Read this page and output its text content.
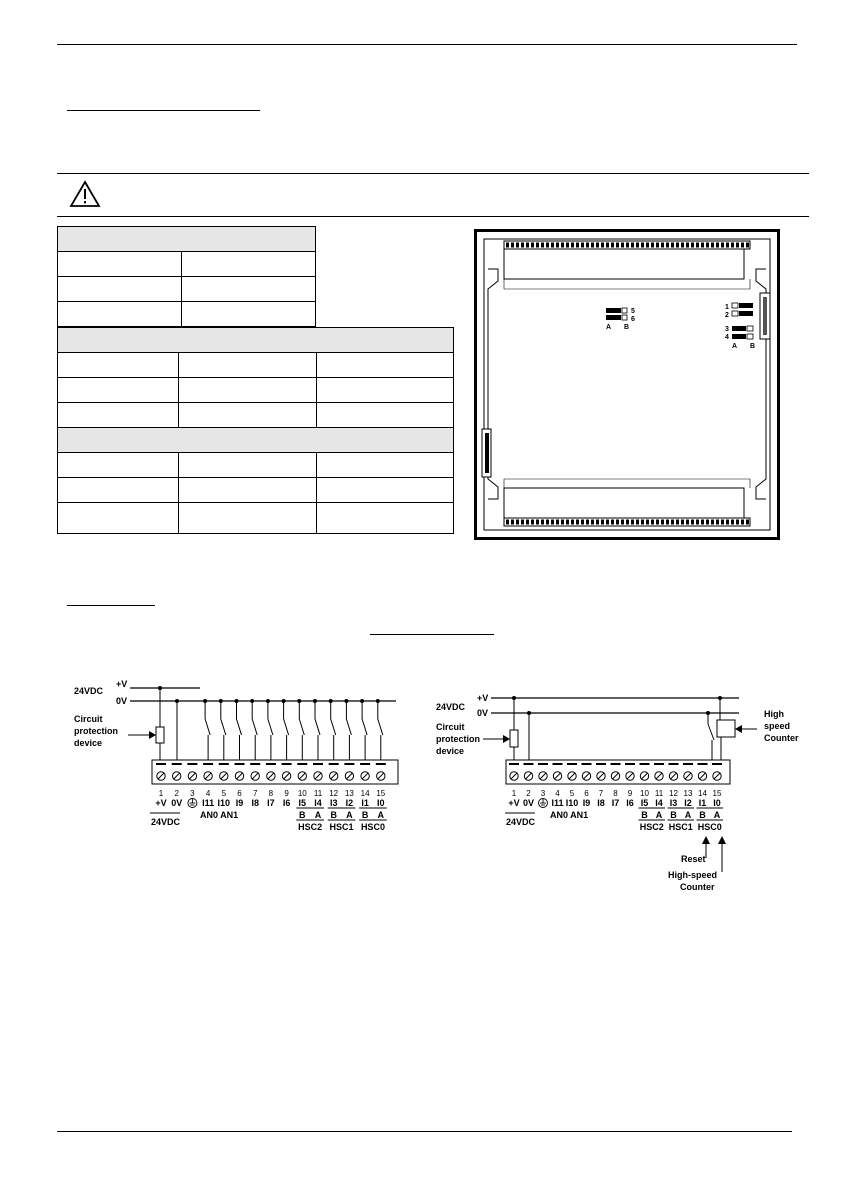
5
6
A B
1
2
3
4
A B
+V
24VDC
0V
Circuit
protection
device
1 2 3 4 5 6 7 8 9 10 11 12 13 14 15
+V 0V I11 I10 I9 I8 I7 I6 I5 I4 I3 I2 I1 I0
24VDC
AN0 AN1	B A
HSC2
B A
HSC1
B A
HSC0
+V
24VDC
0V
Circuit
protection
device
High
speed
Counter
1 2 3 4 5 6 7 8 9 10 11 12 13 14 15
+V 0V I11 I10 I9 I8 I7 I6 I5 I4 I3 I2 I1 I0
24VDC
AN0 AN1	B A
HSC2
B A
HSC1
B A
HSC0
Reset
High-speed
Counter
